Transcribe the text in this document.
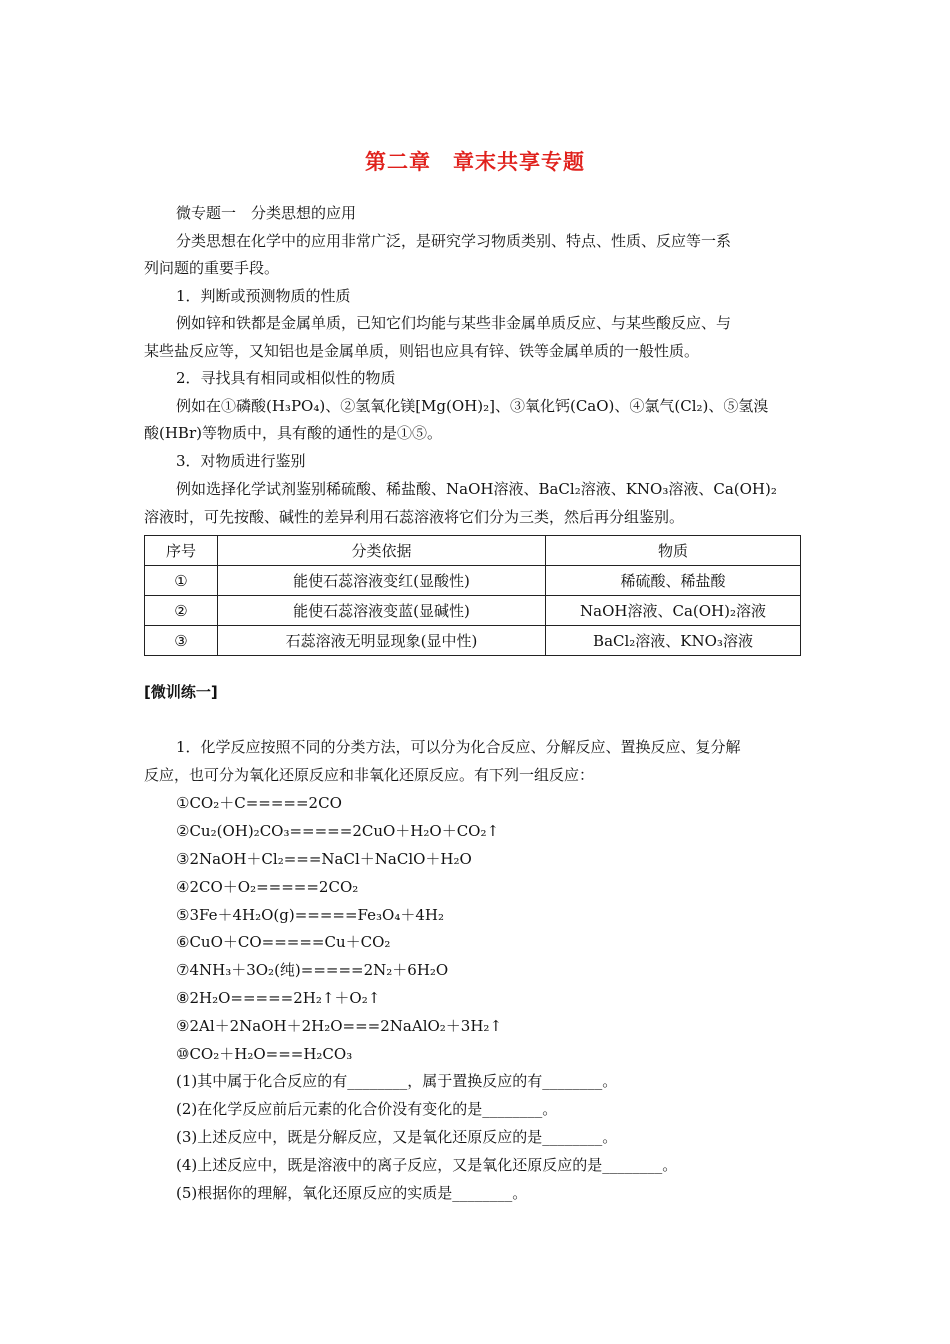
第二章 章末共享专题
微专题一　分类思想的应用
分类思想在化学中的应用非常广泛，是研究学习物质类别、特点、性质、反应等一系
列问题的重要手段。
1．判断或预测物质的性质
例如锌和铁都是金属单质，已知它们均能与某些非金属单质反应、与某些酸反应、与
某些盐反应等，又知铝也是金属单质，则铝也应具有锌、铁等金属单质的一般性质。
2．寻找具有相同或相似性的物质
例如在①磷酸(H₃PO₄)、②氢氧化镁[Mg(OH)₂]、③氧化钙(CaO)、④氯气(Cl₂)、⑤氢溴
酸(HBr)等物质中，具有酸的通性的是①⑤。
3．对物质进行鉴别
例如选择化学试剂鉴别稀硫酸、稀盐酸、NaOH溶液、BaCl₂溶液、KNO₃溶液、Ca(OH)₂
溶液时，可先按酸、碱性的差异利用石蕊溶液将它们分为三类，然后再分组鉴别。
序号	分类依据	物质
①	能使石蕊溶液变红(显酸性)	稀硫酸、稀盐酸
②	能使石蕊溶液变蓝(显碱性)	NaOH溶液、Ca(OH)₂溶液
③	石蕊溶液无明显现象(显中性)	BaCl₂溶液、KNO₃溶液
[微训练一]
1．化学反应按照不同的分类方法，可以分为化合反应、分解反应、置换反应、复分解
反应，也可分为氧化还原反应和非氧化还原反应。有下列一组反应：
①CO₂＋C=====2CO
②Cu₂(OH)₂CO₃=====2CuO＋H₂O＋CO₂↑
③2NaOH＋Cl₂===NaCl＋NaClO＋H₂O
④2CO＋O₂=====2CO₂
⑤3Fe＋4H₂O(g)=====Fe₃O₄＋4H₂
⑥CuO＋CO=====Cu＋CO₂
⑦4NH₃＋3O₂(纯)=====2N₂＋6H₂O
⑧2H₂O=====2H₂↑＋O₂↑
⑨2Al＋2NaOH＋2H₂O===2NaAlO₂＋3H₂↑
⑩CO₂＋H₂O===H₂CO₃
(1)其中属于化合反应的有________，属于置换反应的有________。
(2)在化学反应前后元素的化合价没有变化的是________。
(3)上述反应中，既是分解反应，又是氧化还原反应的是________。
(4)上述反应中，既是溶液中的离子反应，又是氧化还原反应的是________。
(5)根据你的理解，氧化还原反应的实质是________。
